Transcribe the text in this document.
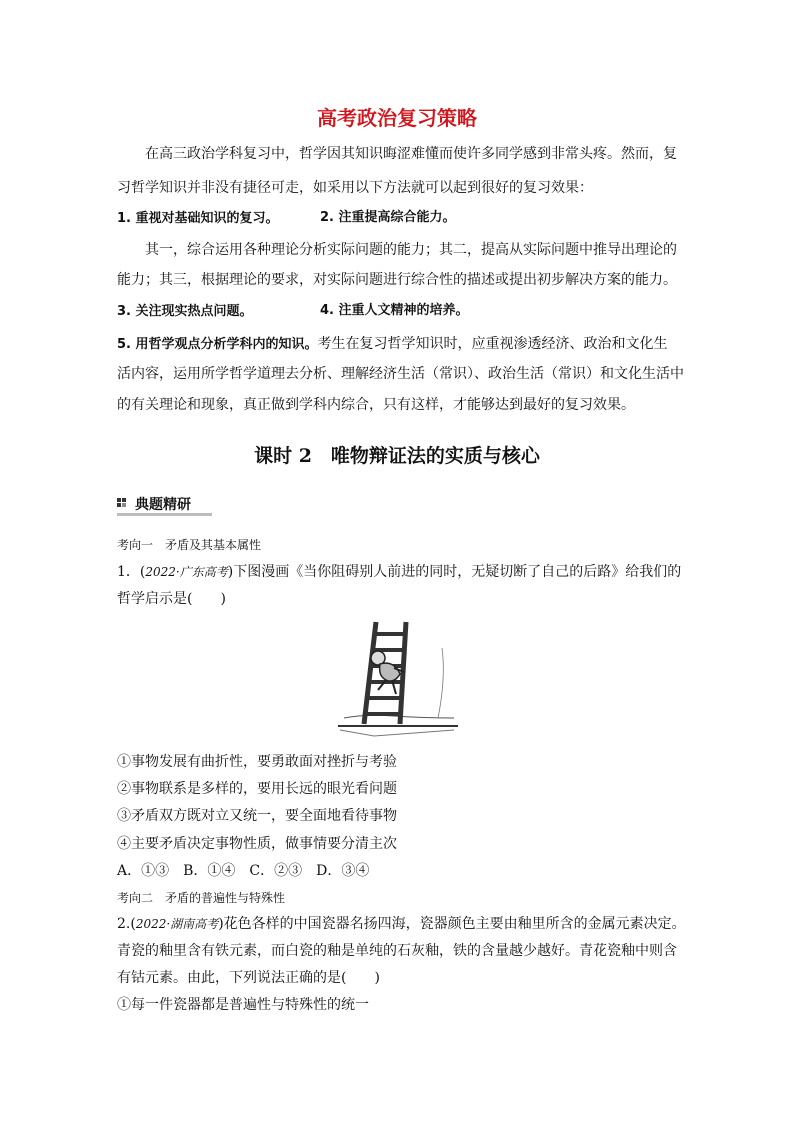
高考政治复习策略
在高三政治学科复习中，哲学因其知识晦涩难懂而使许多同学感到非常头疼。然而，复
习哲学知识并非没有捷径可走，如采用以下方法就可以起到很好的复习效果：
1. 重视对基础知识的复习。	2. 注重提高综合能力。
其一，综合运用各种理论分析实际问题的能力；其二，提高从实际问题中推导出理论的
能力；其三，根据理论的要求，对实际问题进行综合性的描述或提出初步解决方案的能力。
3. 关注现实热点问题。	4. 注重人文精神的培养。
5. 用哲学观点分析学科内的知识。考生在复习哲学知识时，应重视渗透经济、政治和文化生
活内容，运用所学哲学道理去分析、理解经济生活（常识）、政治生活（常识）和文化生活中
的有关理论和现象，真正做到学科内综合，只有这样，才能够达到最好的复习效果。
课时 2　唯物辩证法的实质与核心
典题精研
考向一　矛盾及其基本属性
1．(2022·广东高考)下图漫画《当你阻碍别人前进的同时，无疑切断了自己的后路》给我们的
哲学启示是(　　)
①事物发展有曲折性，要勇敢面对挫折与考验
②事物联系是多样的，要用长远的眼光看问题
③矛盾双方既对立又统一，要全面地看待事物
④主要矛盾决定事物性质，做事情要分清主次
A．①③　B．①④　C．②③　D．③④
考向二　矛盾的普遍性与特殊性
2.(2022·湖南高考)花色各样的中国瓷器名扬四海，瓷器颜色主要由釉里所含的金属元素决定。
青瓷的釉里含有铁元素，而白瓷的釉是单纯的石灰釉，铁的含量越少越好。青花瓷釉中则含
有钴元素。由此，下列说法正确的是(　　)
①每一件瓷器都是普遍性与特殊性的统一
